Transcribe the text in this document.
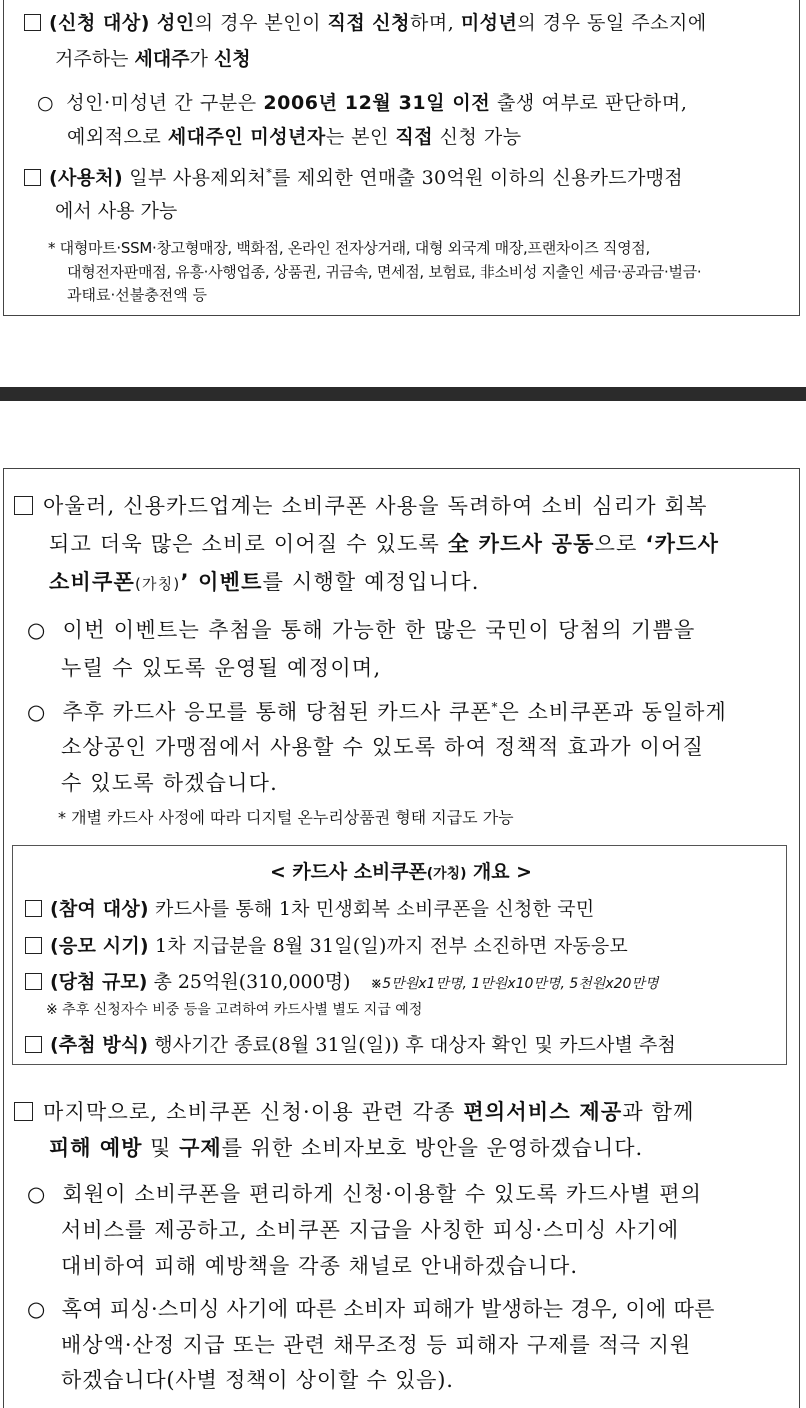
(신청 대상) 성인의 경우 본인이 직접 신청하며, 미성년의 경우 동일 주소지에
거주하는 세대주가 신청
○ 성인·미성년 간 구분은 2006년 12월 31일 이전 출생 여부로 판단하며,
예외적으로 세대주인 미성년자는 본인 직접 신청 가능
(사용처) 일부 사용제외처*를 제외한 연매출 30억원 이하의 신용카드가맹점
에서 사용 가능
* 대형마트·SSM·창고형매장, 백화점, 온라인 전자상거래, 대형 외국계 매장,프랜차이즈 직영점,
대형전자판매점, 유흥·사행업종, 상품권, 귀금속, 면세점, 보험료, 非소비성 지출인 세금·공과금·벌금·
과태료·선불충전액 등
아울러, 신용카드업계는 소비쿠폰 사용을 독려하여 소비 심리가 회복
되고 더욱 많은 소비로 이어질 수 있도록 全 카드사 공동으로 ‘카드사
소비쿠폰(가칭)’ 이벤트를 시행할 예정입니다.
○ 이번 이벤트는 추첨을 통해 가능한 한 많은 국민이 당첨의 기쁨을
누릴 수 있도록 운영될 예정이며,
○ 추후 카드사 응모를 통해 당첨된 카드사 쿠폰*은 소비쿠폰과 동일하게
소상공인 가맹점에서 사용할 수 있도록 하여 정책적 효과가 이어질
수 있도록 하겠습니다.
* 개별 카드사 사정에 따라 디지털 온누리상품권 형태 지급도 가능
< 카드사 소비쿠폰(가칭) 개요 >
(참여 대상) 카드사를 통해 1차 민생회복 소비쿠폰을 신청한 국민
(응모 시기) 1차 지급분을 8월 31일(일)까지 전부 소진하면 자동응모
(당첨 규모) 총 25억원(310,000명) ※5만원x1만명, 1만원x10만명, 5천원x20만명
※ 추후 신청자수 비중 등을 고려하여 카드사별 별도 지급 예정
(추첨 방식) 행사기간 종료(8월 31일(일)) 후 대상자 확인 및 카드사별 추첨
마지막으로, 소비쿠폰 신청·이용 관련 각종 편의서비스 제공과 함께
피해 예방 및 구제를 위한 소비자보호 방안을 운영하겠습니다.
○ 회원이 소비쿠폰을 편리하게 신청·이용할 수 있도록 카드사별 편의
서비스를 제공하고, 소비쿠폰 지급을 사칭한 피싱·스미싱 사기에
대비하여 피해 예방책을 각종 채널로 안내하겠습니다.
○ 혹여 피싱·스미싱 사기에 따른 소비자 피해가 발생하는 경우, 이에 따른
배상액·산정 지급 또는 관련 채무조정 등 피해자 구제를 적극 지원
하겠습니다(사별 정책이 상이할 수 있음).
